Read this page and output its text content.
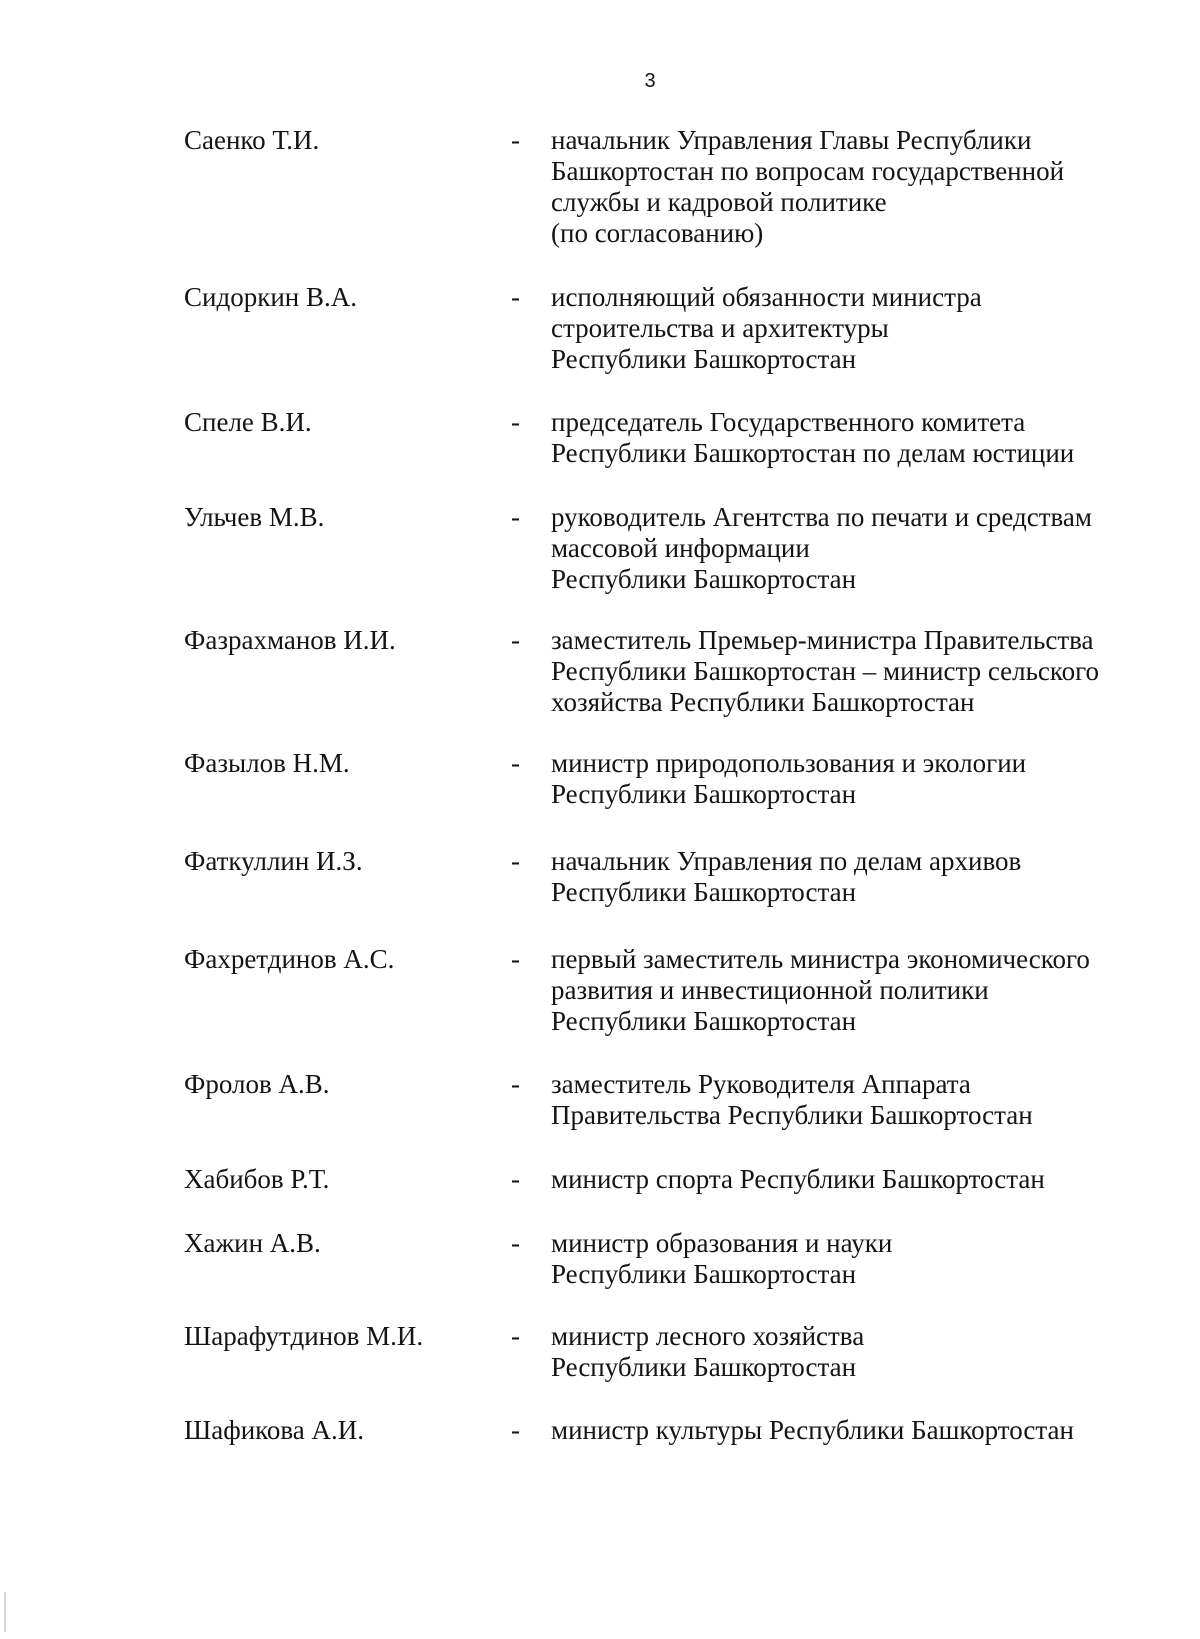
3
Саенко Т.И.	- начальник Управления Главы Республики
Башкортостан по вопросам государственной
службы и кадровой политике
(по согласованию)
Сидоркин В.А.	- исполняющий обязанности министра
строительства и архитектуры
Республики Башкортостан
Спеле В.И.	- председатель Государственного комитета
Республики Башкортостан по делам юстиции
Ульчев М.В.	- руководитель Агентства по печати и средствам
массовой информации
Республики Башкортостан
Фазрахманов И.И.	- заместитель Премьер-министра Правительства
Республики Башкортостан – министр сельского
хозяйства Республики Башкортостан
Фазылов Н.М.	- министр природопользования и экологии
Республики Башкортостан
Фаткуллин И.З.	- начальник Управления по делам архивов
Республики Башкортостан
Фахретдинов А.С.	- первый заместитель министра экономического
развития и инвестиционной политики
Республики Башкортостан
Фролов А.В.	- заместитель Руководителя Аппарата
Правительства Республики Башкортостан
Хабибов Р.Т.	- министр спорта Республики Башкортостан
Хажин А.В.	- министр образования и науки
Республики Башкортостан
Шарафутдинов М.И.	- министр лесного хозяйства
Республики Башкортостан
Шафикова А.И.	- министр культуры Республики Башкортостан
